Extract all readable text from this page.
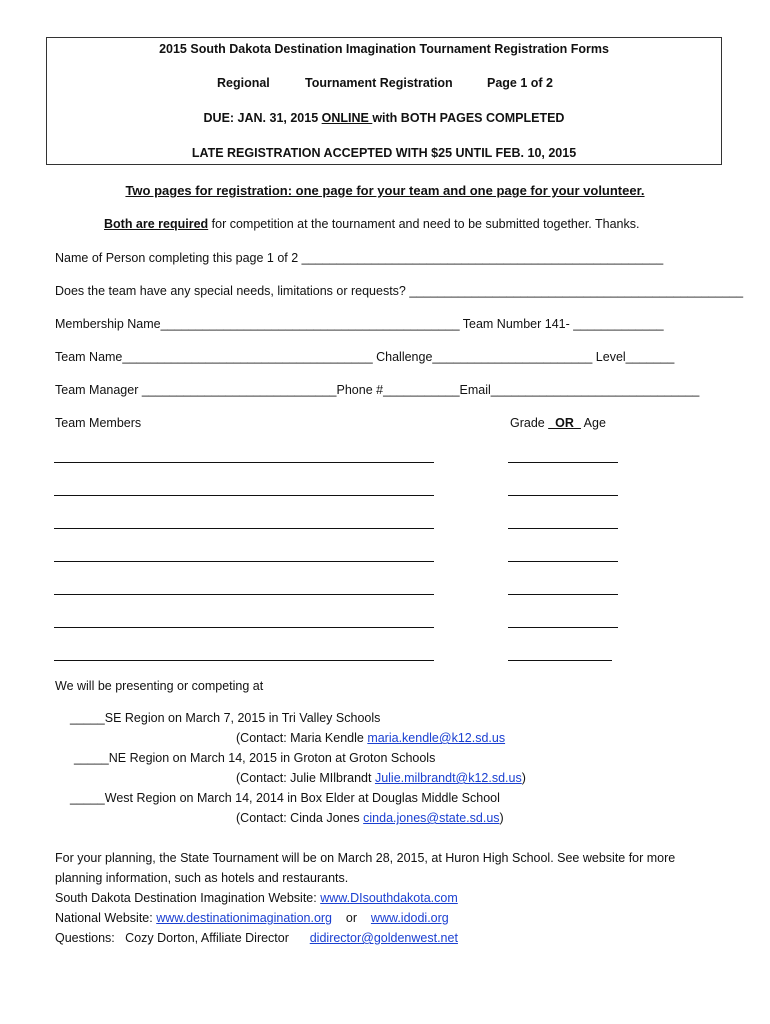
2015 South Dakota Destination Imagination Tournament Registration Forms
Regional	Tournament Registration	Page 1 of 2
DUE: JAN. 31, 2015 ONLINE with BOTH PAGES COMPLETED
LATE REGISTRATION ACCEPTED WITH $25 UNTIL FEB. 10, 2015
Two pages for registration: one page for your team and one page for your volunteer.
Both are required for competition at the tournament and need to be submitted together. Thanks.
Name of Person completing this page 1 of 2 ____________________________________________________
Does the team have any special needs, limitations or requests? ________________________________________________
Membership Name___________________________________________ Team Number 141- _____________
Team Name____________________________________ Challenge_______________________ Level_______
Team Manager ____________________________Phone #___________Email______________________________
Team Members	Grade _OR_ Age
We will be presenting or competing at
_____SE Region on March 7, 2015 in Tri Valley Schools
(Contact: Maria Kendle maria.kendle@k12.sd.us
_____NE Region on March 14, 2015 in Groton at Groton Schools
(Contact: Julie MIlbrandt Julie.milbrandt@k12.sd.us)
_____West Region on March 14, 2014 in Box Elder at Douglas Middle School
(Contact: Cinda Jones cinda.jones@state.sd.us)
For your planning, the State Tournament will be on March 28, 2015, at Huron High School. See website for more
planning information, such as hotels and restaurants.
South Dakota Destination Imagination Website: www.DIsouthdakota.com
National Website: www.destinationimagination.org    or    www.idodi.org
Questions:   Cozy Dorton, Affiliate Director      didirector@goldenwest.net
